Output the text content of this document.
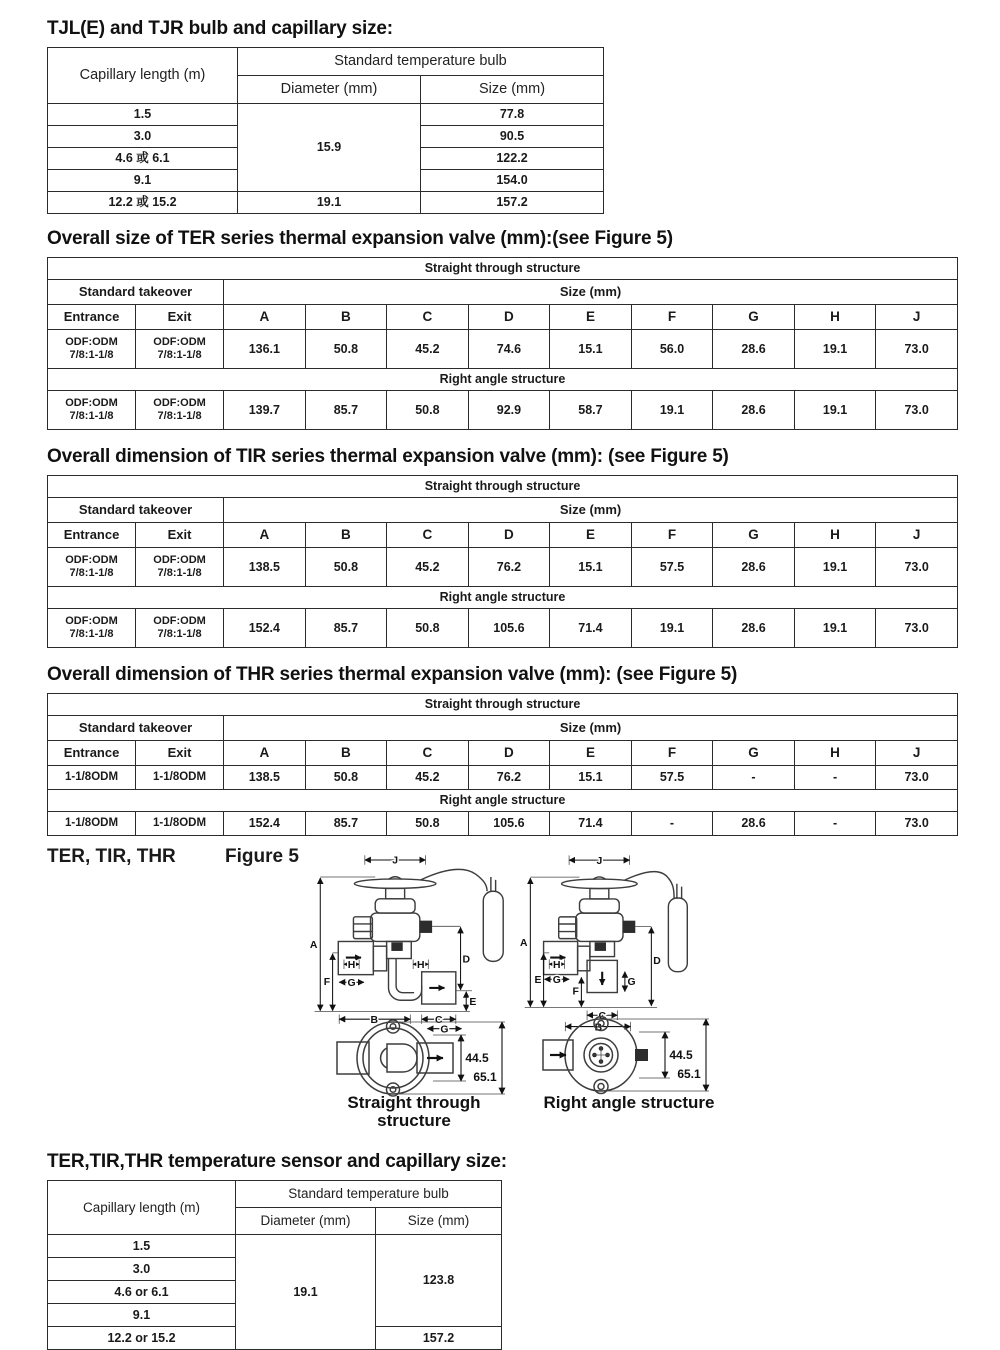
TJL(E) and TJR bulb and capillary size:
Capillary length (m)	Standard temperature bulb	
	Diameter (mm)	Size (mm)
1.5	15.9	77.8
3.0		90.5
4.6 或 6.1		122.2
9.1		154.0
12.2 或 15.2	19.1	157.2
Overall size of TER series thermal expansion valve (mm):(see Figure 5)
Straight through structure										
Standard takeover		Size (mm)								
Entrance	Exit	A	B	C	D	E	F	G	H	J
ODF:ODM 7/8:1-1/8	ODF:ODM 7/8:1-1/8	136.1	50.8	45.2	74.6	15.1	56.0	28.6	19.1	73.0
Right angle structure										
ODF:ODM 7/8:1-1/8	ODF:ODM 7/8:1-1/8	139.7	85.7	50.8	92.9	58.7	19.1	28.6	19.1	73.0
Overall dimension of TIR series thermal expansion valve (mm): (see Figure 5)
Straight through structure										
Standard takeover		Size (mm)								
Entrance	Exit	A	B	C	D	E	F	G	H	J
ODF:ODM 7/8:1-1/8	ODF:ODM 7/8:1-1/8	138.5	50.8	45.2	76.2	15.1	57.5	28.6	19.1	73.0
Right angle structure										
ODF:ODM 7/8:1-1/8	ODF:ODM 7/8:1-1/8	152.4	85.7	50.8	105.6	71.4	19.1	28.6	19.1	73.0
Overall dimension of THR series thermal expansion valve (mm): (see Figure 5)
Straight through structure										
Standard takeover		Size (mm)								
Entrance	Exit	A	B	C	D	E	F	G	H	J
1-1/8ODM	1-1/8ODM	138.5	50.8	45.2	76.2	15.1	57.5	-	-	73.0
Right angle structure										
1-1/8ODM	1-1/8ODM	152.4	85.7	50.8	105.6	71.4	-	28.6	-	73.0
TER, TIR, THR	Figure 5	J
A
F
H
G
H
B	C
G
E
D
J
A
E
H
G
F
G
C
B
D
44.5
65.1
44.5
65.1
Straight through structure
Right angle structure
TER,TIR,THR temperature sensor and capillary size:
Capillary length (m)	Standard temperature bulb	
	Diameter (mm)	Size (mm)
1.5	19.1	123.8
3.0		
4.6 or 6.1		
9.1		
12.2 or 15.2		157.2
